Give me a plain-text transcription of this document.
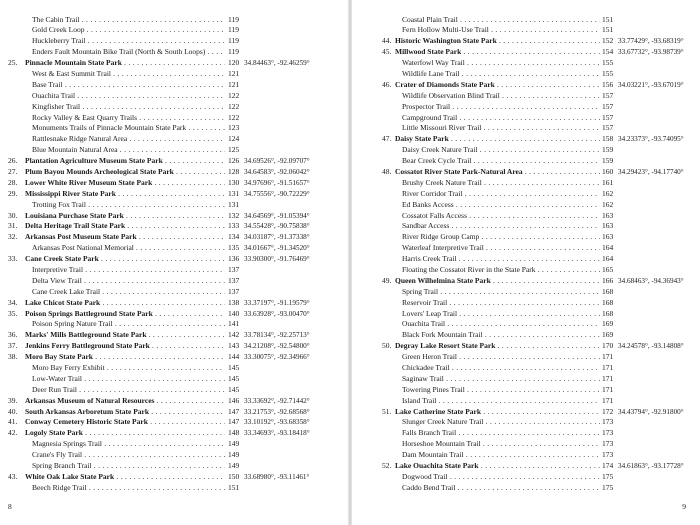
The Cabin Trail . . .	119
Gold Creek Loop . . .	119
Huckleberry Trail . . .	119
Enders Fault Mountain Bike Trail (North & South Loops) . . .	119
25.	Pinnacle Mountain State Park . . .	120 34.84463°, -92.46259°
West & East Summit Trail . . .	121
Base Trail . . .	121
Ouachita Trail . . .	122
Kingfisher Trail . . .	122
Rocky Valley & East Quarry Trails . . .	122
Monuments Trails of Pinnacle Mountain State Park . . .	123
Rattlesnake Ridge Natural Area . . .	124
Blue Mountain Natural Area . . .	125
26.	Plantation Agriculture Museum State Park . . .	126 34.69526°, -92.09707°
27.	Plum Bayou Mounds Archeological State Park . . .	128 34.64583°, -92.06042°
28.	Lower White River Museum State Park . . .	130 34.97696°, -91.51657°
29.	Mississippi River State Park . . .	131 34.75556°, -90.72229°
Trotting Fox Trail . . .	131
30.	Louisiana Purchase State Park . . .	132 34.64569°, -91.05394°
31.	Delta Heritage Trail State Park . . .	133 34.55428°, -90.75838°
32.	Arkansas Post Museum State Park . . .	134 34.03187°, -91.37338°
Arkansas Post National Memorial . . .	135 34.01667°, -91.34520°
33.	Cane Creek State Park . . .	136 33.90300°, -91.76469°
Interpretive Trail . . .	137
Delta View Trail . . .	137
Cane Creek Lake Trail . . .	137
34.	Lake Chicot State Park . . .	138 33.37197°, -91.19579°
35.	Poison Springs Battleground State Park . . .	140 33.63928°, -93.00470°
Poison Spring Nature Trail . . .	141
36.	Marks' Mills Battleground State Park . . .	142 33.78134°, -92.25713°
37.	Jenkins Ferry Battleground State Park . . .	143 34.21208°, -92.54800°
38.	Moro Bay State Park . . .	144 33.30075°, -92.34966°
Moro Bay Ferry Exhibit . . .	145
Low-Water Trail . . .	145
Deer Run Trail . . .	145
39.	Arkansas Museum of Natural Resources . . .	146 33.33692°, -92.71442°
40.	South Arkansas Arboretum State Park . . .	147 33.21753°, -92.68568°
41.	Conway Cemetery Historic State Park . . .	147 33.10192°, -93.68358°
42.	Logoly State Park . . .	148 33.34693°, -93.18418°
Magnesia Springs Trail . . .	149
Crane's Fly Trail . . .	149
Spring Branch Trail . . .	149
43.	White Oak Lake State Park . . .	150 33.68980°, -93.11461°
Beech Ridge Trail . . .	151
8
Coastal Plain Trail . . .	151
Fern Hollow Multi-Use Trail . . .	151
44. Historic Washington State Park . . .	152 33.77429°, -93.68319°
45. Millwood State Park . . .	154 33.67732°, -93.98739°
Waterfowl Way Trail . . .	155
Wildlife Lane Trail . . .	155
46. Crater of Diamonds State Park . . .	156 34.03221°, -93.67019°
Wildlife Observation Blind Trail . . .	157
Prospector Trail . . .	157
Campground Trail . . .	157
Little Missouri River Trail . . .	157
47. Daisy State Park . . .	158 34.23373°, -93.74095°
Daisy Creek Nature Trail . . .	159
Bear Creek Cycle Trail . . .	159
48. Cossatot River State Park-Natural Area . . .	160 34.29423°, -94.17740°
Brushy Creek Nature Trail . . .	161
River Corridor Trail . . .	162
Ed Banks Access . . .	162
Cossatot Falls Access . . .	163
Sandbar Access . . .	163
River Ridge Group Camp . . .	163
Waterleaf Interpretive Trail . . .	164
Harris Creek Trail . . .	164
Floating the Cossatot River in the State Park . . .	165
49. Queen Wilhelmina State Park . . .	166 34.68463°, -94.36943°
Spring Trail . . .	168
Reservoir Trail . . .	168
Lovers' Leap Trail . . .	168
Ouachita Trail . . .	169
Black Fork Mountain Trail . . .	169
50. Degray Lake Resort State Park . . .	170 34.24578°, -93.14808°
Green Heron Trail . . .	171
Chickadee Trail . . .	171
Saginaw Trail . . .	171
Towering Pines Trail . . .	171
Island Trail . . .	171
51. Lake Catherine State Park . . .	172 34.43794°, -92.91800°
Slunger Creek Nature Trail . . .	173
Falls Branch Trail . . .	173
Horseshoe Mountain Trail . . .	173
Dam Mountain Trail . . .	173
52. Lake Ouachita State Park . . .	174 34.61863°, -93.17728°
Dogwood Trail . . .	175
Caddo Bend Trail . . .	175
9
